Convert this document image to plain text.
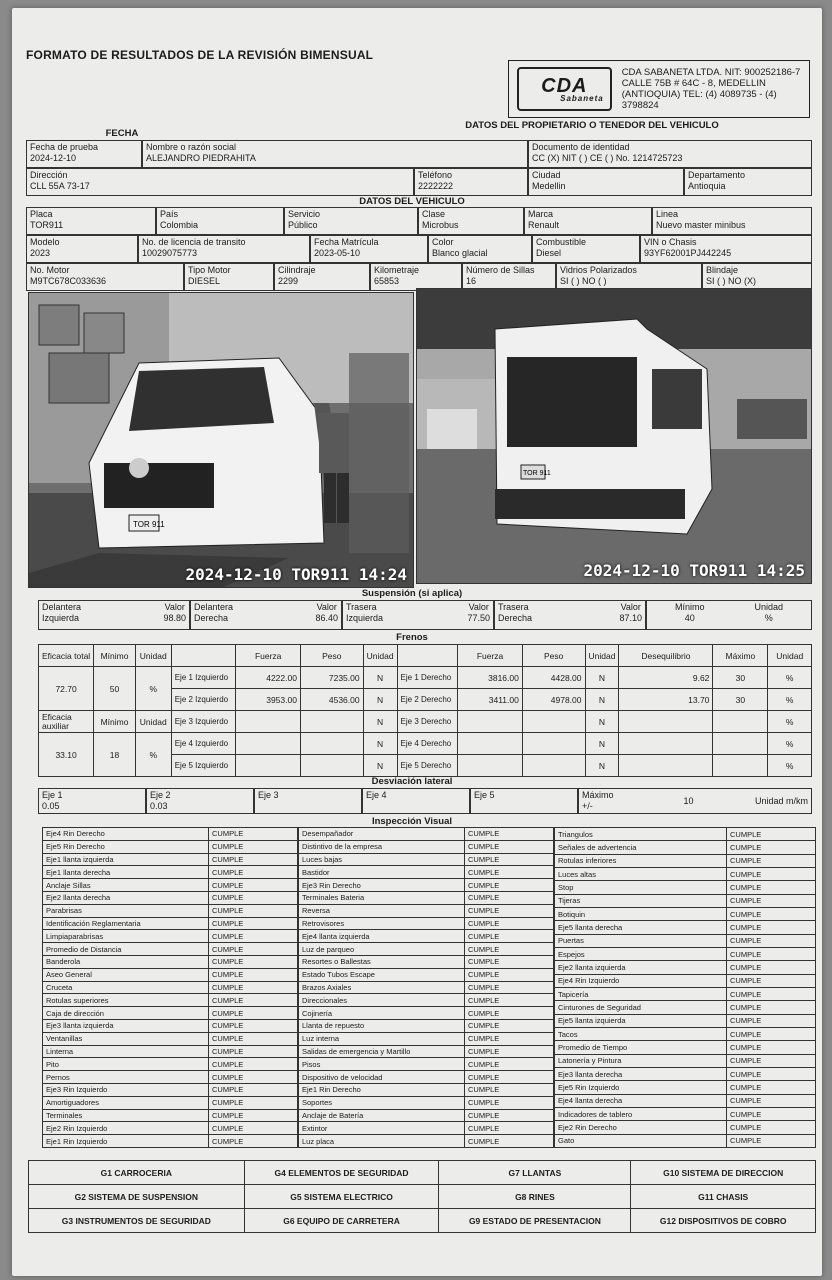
FORMATO DE RESULTADOS DE LA REVISIÓN BIMENSUAL
CDA
Sabaneta
CDA SABANETA LTDA. NIT: 900252186-7 CALLE 75B # 64C - 8, MEDELLIN (ANTIOQUIA) TEL: (4) 4089735 - (4) 3798824
FECHA
DATOS DEL PROPIETARIO O TENEDOR DEL VEHICULO
Fecha de prueba
2024-12-10
Nombre o razón social
ALEJANDRO PIEDRAHITA
Documento de identidad
CC (X) NIT ( ) CE ( ) No. 1214725723
Dirección
CLL 55A 73-17
Teléfono
2222222
Ciudad
Medellin
Departamento
Antioquia
DATOS DEL VEHICULO
Placa
TOR911
País
Colombia
Servicio
Público
Clase
Microbus
Marca
Renault
Linea
Nuevo master minibus
Modelo
2023
No. de licencia de transito
10029075773
Fecha Matrícula
2023-05-10
Color
Blanco glacial
Combustible
Diesel
VIN o Chasis
93YF62001PJ442245
No. Motor
M9TC678C033636
Tipo Motor
DIESEL
Cilindraje
2299
Kilometraje
65853
Número de Sillas
16
Vidrios Polarizados
SI ( ) NO ( )
Blindaje
SI ( ) NO (X)
TOR 911
2024-12-10 TOR911 14:24
TOR 911
2024-12-10 TOR911 14:25
Suspensión (si aplica)
Delantera Izquierda
Valor
98.80
Delantera Derecha
Valor
86.40
Trasera Izquierda
Valor
77.50
Trasera Derecha
Valor
87.10
Mínimo
40
Unidad
%
Frenos
Eficacia total	Mínimo	Unidad		Fuerza	Peso	Unidad		Fuerza	Peso	Unidad	Desequilibrio	Máximo	Unidad
72.70	50	%	Eje 1 Izquierdo	4222.00	7235.00	N	Eje 1 Derecho	3816.00	4428.00	N	9.62	30	%
			Eje 2 Izquierdo	3953.00	4536.00	N	Eje 2 Derecho	3411.00	4978.00	N	13.70	30	%
Eficacia auxiliar	Mínimo	Unidad	Eje 3 Izquierdo			N	Eje 3 Derecho			N			%
33.10	18	%	Eje 4 Izquierdo			N	Eje 4 Derecho			N			%
			Eje 5 Izquierdo			N	Eje 5 Derecho			N			%
Desviación lateral
Eje 1
0.05
Eje 2
0.03
Eje 3	Eje 4	Eje 5	Máximo +/-
10	Unidad m/km
Inspección Visual
Eje4 Rin Derecho	CUMPLE
Eje5 Rin Derecho	CUMPLE
Eje1 llanta izquierda	CUMPLE
Eje1 llanta derecha	CUMPLE
Anclaje Sillas	CUMPLE
Eje2 llanta derecha	CUMPLE
Parabrisas	CUMPLE
Identificación Reglamentaria	CUMPLE
Limpiaparabrisas	CUMPLE
Promedio de Distancia	CUMPLE
Banderola	CUMPLE
Aseo General	CUMPLE
Cruceta	CUMPLE
Rotulas superiores	CUMPLE
Caja de dirección	CUMPLE
Eje3 llanta izquierda	CUMPLE
Ventanillas	CUMPLE
Linterna	CUMPLE
Pito	CUMPLE
Pernos	CUMPLE
Eje3 Rin Izquierdo	CUMPLE
Amortiguadores	CUMPLE
Terminales	CUMPLE
Eje2 Rin Izquierdo	CUMPLE
Eje1 Rin Izquierdo	CUMPLE
Desempañador	CUMPLE
Distintivo de la empresa	CUMPLE
Luces bajas	CUMPLE
Bastidor	CUMPLE
Eje3 Rin Derecho	CUMPLE
Terminales Bateria	CUMPLE
Reversa	CUMPLE
Retrovisores	CUMPLE
Eje4 llanta izquierda	CUMPLE
Luz de parqueo	CUMPLE
Resortes o Ballestas	CUMPLE
Estado Tubos Escape	CUMPLE
Brazos Axiales	CUMPLE
Direccionales	CUMPLE
Cojinería	CUMPLE
Llanta de repuesto	CUMPLE
Luz interna	CUMPLE
Salidas de emergencia y Martillo	CUMPLE
Pisos	CUMPLE
Dispositivo de velocidad	CUMPLE
Eje1 Rin Derecho	CUMPLE
Soportes	CUMPLE
Anclaje de Batería	CUMPLE
Extintor	CUMPLE
Luz placa	CUMPLE
Triangulos	CUMPLE
Señales de advertencia	CUMPLE
Rotulas inferiores	CUMPLE
Luces altas	CUMPLE
Stop	CUMPLE
Tijeras	CUMPLE
Botiquin	CUMPLE
Eje5 llanta derecha	CUMPLE
Puertas	CUMPLE
Espejos	CUMPLE
Eje2 llanta izquierda	CUMPLE
Eje4 Rin Izquierdo	CUMPLE
Tapicería	CUMPLE
Cinturones de Seguridad	CUMPLE
Eje5 llanta izquierda	CUMPLE
Tacos	CUMPLE
Promedio de Tiempo	CUMPLE
Latonería y Pintura	CUMPLE
Eje3 llanta derecha	CUMPLE
Eje5 Rin Izquierdo	CUMPLE
Eje4 llanta derecha	CUMPLE
Indicadores de tablero	CUMPLE
Eje2 Rin Derecho	CUMPLE
Gato	CUMPLE
G1 CARROCERIA	G4 ELEMENTOS DE SEGURIDAD	G7 LLANTAS	G10 SISTEMA DE DIRECCION
G2 SISTEMA DE SUSPENSION	G5 SISTEMA ELECTRICO	G8 RINES	G11 CHASIS
G3 INSTRUMENTOS DE SEGURIDAD	G6 EQUIPO DE CARRETERA	G9 ESTADO DE PRESENTACION	G12 DISPOSITIVOS DE COBRO
